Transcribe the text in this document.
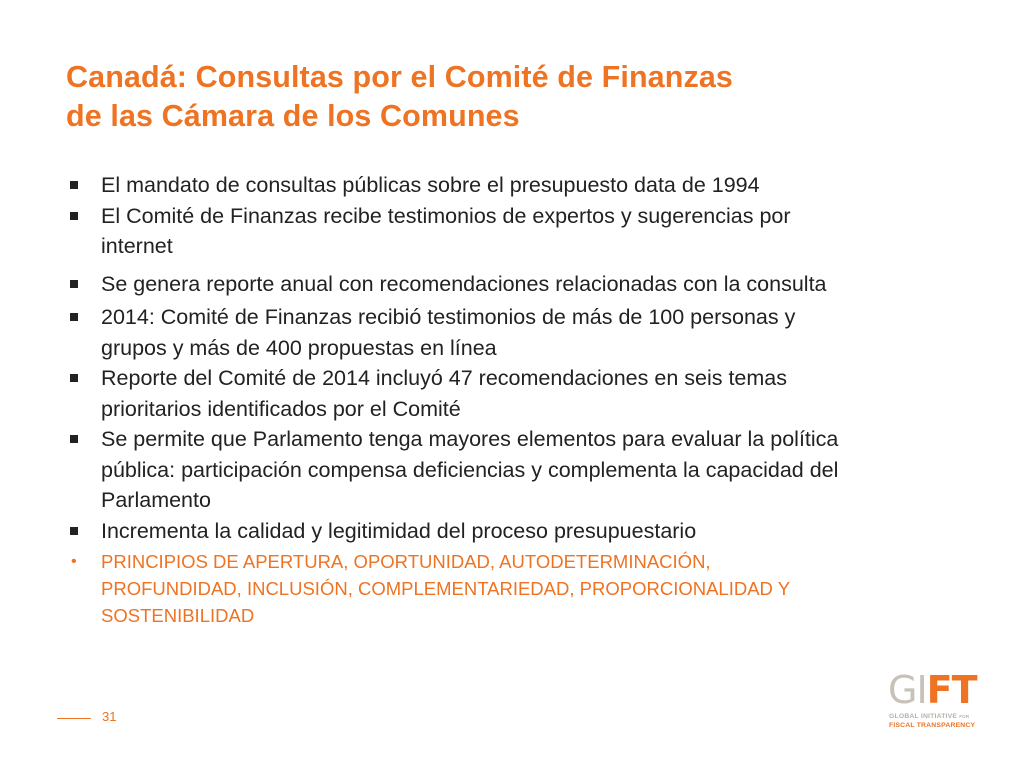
Canadá: Consultas por el Comité de Finanzas
de las Cámara de los Comunes
El mandato de consultas públicas sobre el presupuesto data de 1994
El Comité de Finanzas recibe testimonios de expertos y sugerencias por
internet
Se genera reporte anual con recomendaciones relacionadas con la consulta
2014: Comité de Finanzas recibió testimonios de más de 100 personas y
grupos y más de 400 propuestas en línea
Reporte del Comité de 2014 incluyó 47 recomendaciones en seis temas
prioritarios identificados por el Comité
Se permite que Parlamento tenga mayores elementos para evaluar la política
pública: participación compensa deficiencias y complementa la capacidad del
Parlamento
Incrementa la calidad y legitimidad del proceso presupuestario
• PRINCIPIOS DE APERTURA, OPORTUNIDAD, AUTODETERMINACIÓN,
PROFUNDIDAD, INCLUSIÓN, COMPLEMENTARIEDAD, PROPORCIONALIDAD Y
SOSTENIBILIDAD
31
GIFT
GLOBAL INITIATIVE $^{FOR}$
FISCAL TRANSPARENCY
